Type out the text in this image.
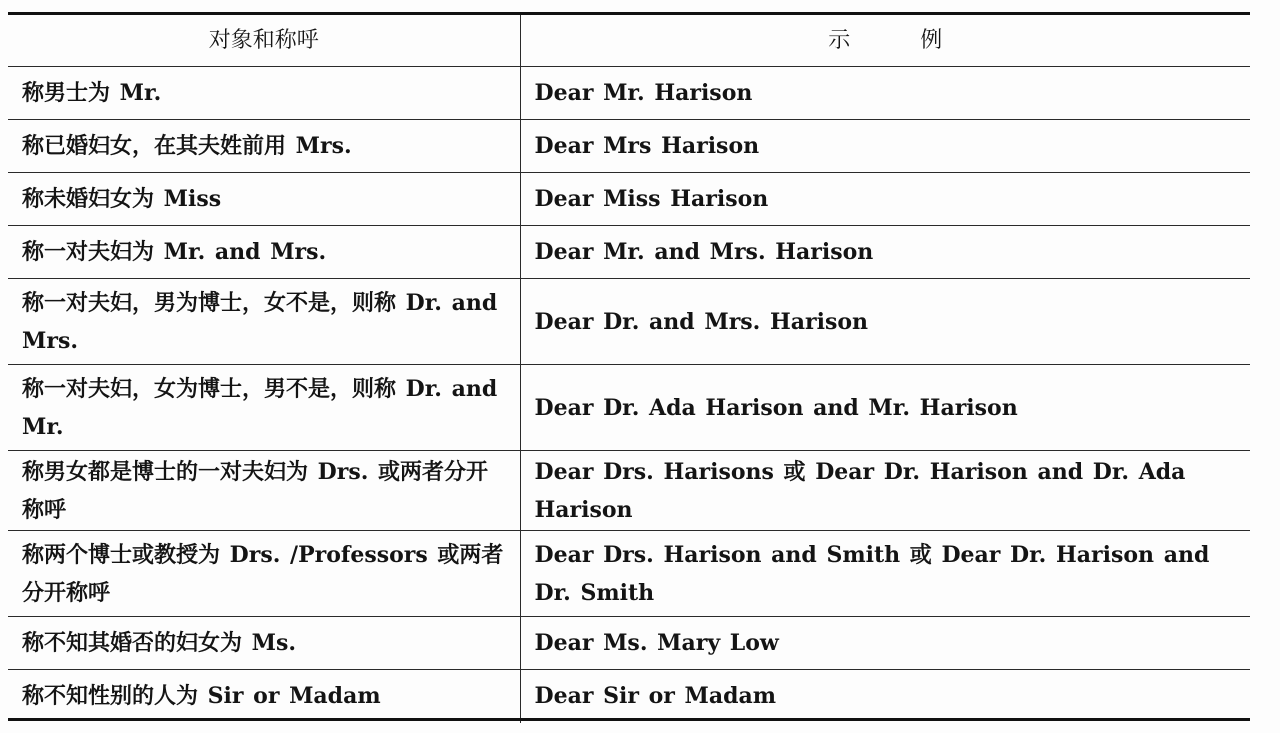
对象和称呼	示 例
称男士为 Mr.	Dear Mr. Harison
称已婚妇女，在其夫姓前用 Mrs.	Dear Mrs Harison
称未婚妇女为 Miss	Dear Miss Harison
称一对夫妇为 Mr. and Mrs.	Dear Mr. and Mrs. Harison
称一对夫妇，男为博士，女不是，则称 Dr. and Mrs.	Dear Dr. and Mrs. Harison
称一对夫妇，女为博士，男不是，则称 Dr. and Mr.	Dear Dr. Ada Harison and Mr. Harison
称男女都是博士的一对夫妇为 Drs. 或两者分开称呼	Dear Drs. Harisons 或 Dear Dr. Harison and Dr. Ada Harison
称两个博士或教授为 Drs. /Professors 或两者分开称呼	Dear Drs. Harison and Smith 或 Dear Dr. Harison and Dr. Smith
称不知其婚否的妇女为 Ms.	Dear Ms. Mary Low
称不知性别的人为 Sir or Madam	Dear Sir or Madam
